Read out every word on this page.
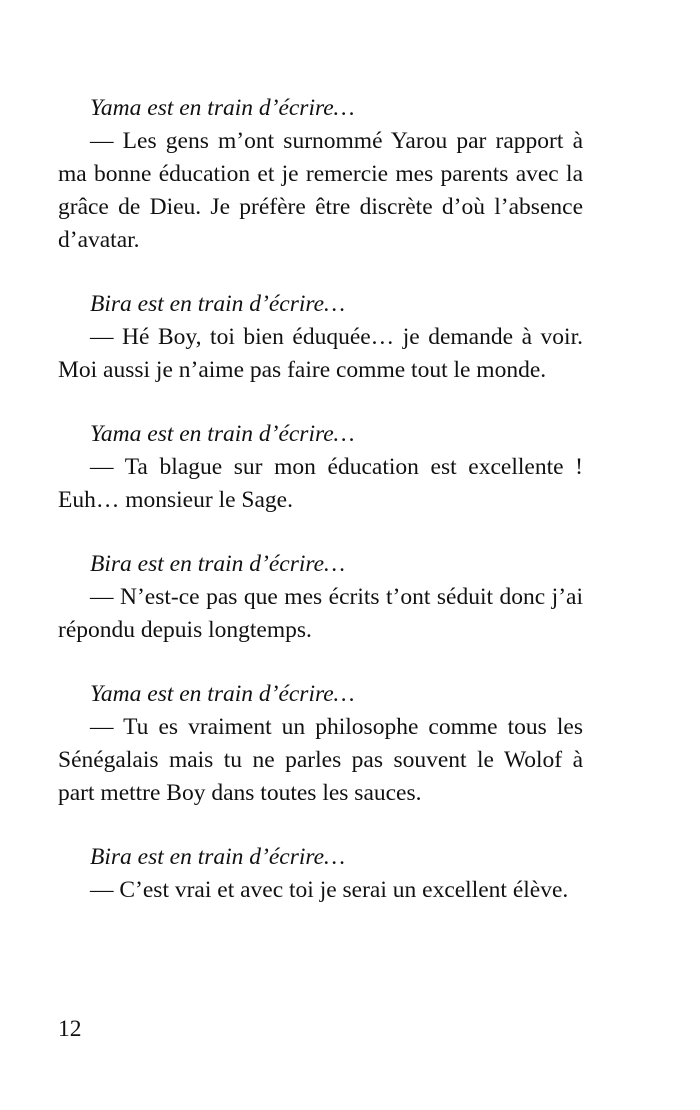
Yama est en train d’écrire…

— Les gens m’ont surnommé Yarou par rapport à ma bonne éducation et je remercie mes parents avec la grâce de Dieu. Je préfère être discrète d’où l’absence d’avatar.

Bira est en train d’écrire…

— Hé Boy, toi bien éduquée… je demande à voir. Moi aussi je n’aime pas faire comme tout le monde.

Yama est en train d’écrire…

— Ta blague sur mon éducation est excellente ! Euh… monsieur le Sage.

Bira est en train d’écrire…

— N’est-ce pas que mes écrits t’ont séduit donc j’ai répondu depuis longtemps.

Yama est en train d’écrire…

— Tu es vraiment un philosophe comme tous les Sénégalais mais tu ne parles pas souvent le Wolof à part mettre Boy dans toutes les sauces.

Bira est en train d’écrire…

— C’est vrai et avec toi je serai un excellent élève.

12
